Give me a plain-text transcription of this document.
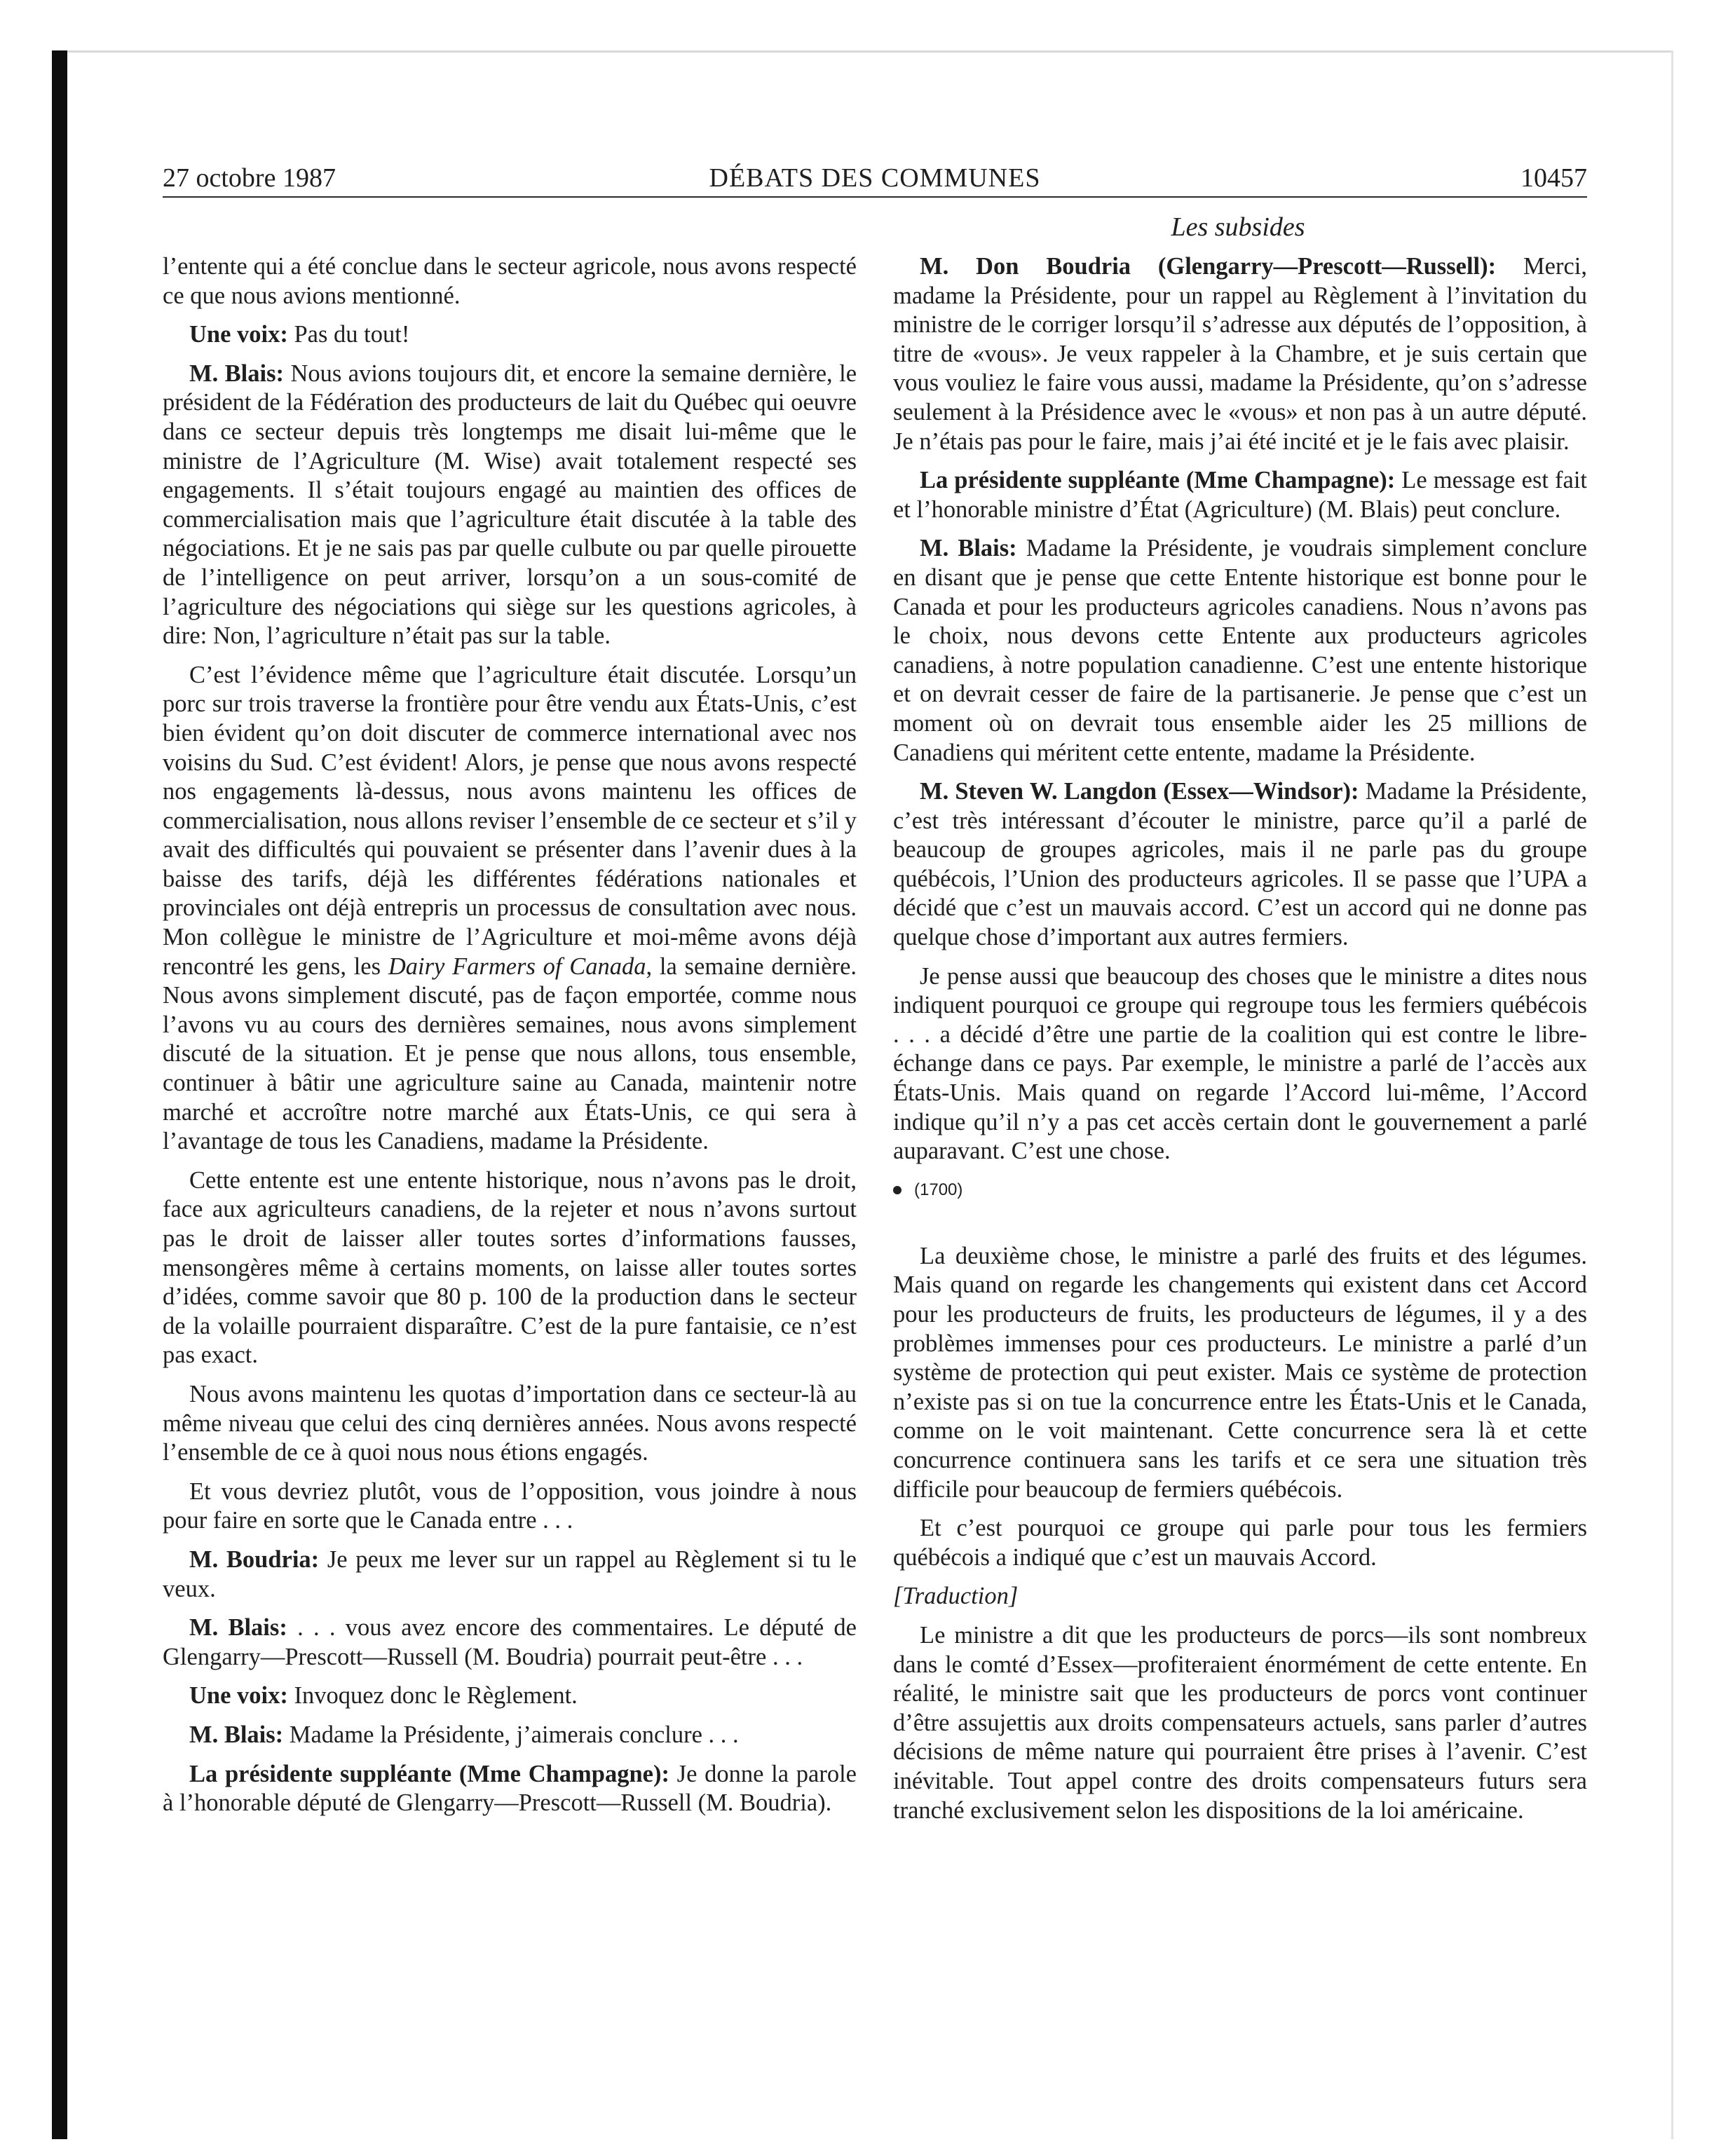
27 octobre 1987	DÉBATS DES COMMUNES	10457
Les subsides

l’entente qui a été conclue dans le secteur agricole, nous avons respecté ce que nous avions mentionné.

Une voix: Pas du tout!

M. Blais: Nous avions toujours dit, et encore la semaine dernière, le président de la Fédération des producteurs de lait du Québec qui oeuvre dans ce secteur depuis très longtemps me disait lui-même que le ministre de l’Agriculture (M. Wise) avait totalement respecté ses engagements. Il s’était toujours engagé au maintien des offices de commercialisation mais que l’agriculture était discutée à la table des négociations. Et je ne sais pas par quelle culbute ou par quelle pirouette de l’intelligence on peut arriver, lorsqu’on a un sous-comité de l’agriculture des négociations qui siège sur les questions agricoles, à dire: Non, l’agriculture n’était pas sur la table.

C’est l’évidence même que l’agriculture était discutée. Lorsqu’un porc sur trois traverse la frontière pour être vendu aux États-Unis, c’est bien évident qu’on doit discuter de commerce international avec nos voisins du Sud. C’est évident! Alors, je pense que nous avons respecté nos engagements là-dessus, nous avons maintenu les offices de commercialisation, nous allons reviser l’ensemble de ce secteur et s’il y avait des difficultés qui pouvaient se présenter dans l’avenir dues à la baisse des tarifs, déjà les différentes fédérations nationales et provinciales ont déjà entrepris un processus de consultation avec nous. Mon collègue le ministre de l’Agriculture et moi-même avons déjà rencontré les gens, les Dairy Farmers of Canada, la semaine dernière. Nous avons simplement discuté, pas de façon emportée, comme nous l’avons vu au cours des dernières semaines, nous avons simplement discuté de la situation. Et je pense que nous allons, tous ensemble, continuer à bâtir une agriculture saine au Canada, maintenir notre marché et accroître notre marché aux États-Unis, ce qui sera à l’avantage de tous les Canadiens, madame la Présidente.

Cette entente est une entente historique, nous n’avons pas le droit, face aux agriculteurs canadiens, de la rejeter et nous n’avons surtout pas le droit de laisser aller toutes sortes d’informations fausses, mensongères même à certains moments, on laisse aller toutes sortes d’idées, comme savoir que 80 p. 100 de la production dans le secteur de la volaille pourraient disparaître. C’est de la pure fantaisie, ce n’est pas exact.

Nous avons maintenu les quotas d’importation dans ce secteur-là au même niveau que celui des cinq dernières années. Nous avons respecté l’ensemble de ce à quoi nous nous étions engagés.

Et vous devriez plutôt, vous de l’opposition, vous joindre à nous pour faire en sorte que le Canada entre . . .

M. Boudria: Je peux me lever sur un rappel au Règlement si tu le veux.

M. Blais: . . . vous avez encore des commentaires. Le député de Glengarry—Prescott—Russell (M. Boudria) pourrait peut-être . . .

Une voix: Invoquez donc le Règlement.

M. Blais: Madame la Présidente, j’aimerais conclure . . .

La présidente suppléante (Mme Champagne): Je donne la parole à l’honorable député de Glengarry—Prescott—Russell (M. Boudria).

M. Don Boudria (Glengarry—Prescott—Russell): Merci, madame la Présidente, pour un rappel au Règlement à l’invitation du ministre de le corriger lorsqu’il s’adresse aux députés de l’opposition, à titre de «vous». Je veux rappeler à la Chambre, et je suis certain que vous vouliez le faire vous aussi, madame la Présidente, qu’on s’adresse seulement à la Présidence avec le «vous» et non pas à un autre député. Je n’étais pas pour le faire, mais j’ai été incité et je le fais avec plaisir.

La présidente suppléante (Mme Champagne): Le message est fait et l’honorable ministre d’État (Agriculture) (M. Blais) peut conclure.

M. Blais: Madame la Présidente, je voudrais simplement conclure en disant que je pense que cette Entente historique est bonne pour le Canada et pour les producteurs agricoles canadiens. Nous n’avons pas le choix, nous devons cette Entente aux producteurs agricoles canadiens, à notre population canadienne. C’est une entente historique et on devrait cesser de faire de la partisanerie. Je pense que c’est un moment où on devrait tous ensemble aider les 25 millions de Canadiens qui méritent cette entente, madame la Présidente.

M. Steven W. Langdon (Essex—Windsor): Madame la Présidente, c’est très intéressant d’écouter le ministre, parce qu’il a parlé de beaucoup de groupes agricoles, mais il ne parle pas du groupe québécois, l’Union des producteurs agricoles. Il se passe que l’UPA a décidé que c’est un mauvais accord. C’est un accord qui ne donne pas quelque chose d’important aux autres fermiers.

Je pense aussi que beaucoup des choses que le ministre a dites nous indiquent pourquoi ce groupe qui regroupe tous les fermiers québécois . . . a décidé d’être une partie de la coalition qui est contre le libre-échange dans ce pays. Par exemple, le ministre a parlé de l’accès aux États-Unis. Mais quand on regarde l’Accord lui-même, l’Accord indique qu’il n’y a pas cet accès certain dont le gouvernement a parlé auparavant. C’est une chose.

(1700)

La deuxième chose, le ministre a parlé des fruits et des légumes. Mais quand on regarde les changements qui existent dans cet Accord pour les producteurs de fruits, les producteurs de légumes, il y a des problèmes immenses pour ces producteurs. Le ministre a parlé d’un système de protection qui peut exister. Mais ce système de protection n’existe pas si on tue la concurrence entre les États-Unis et le Canada, comme on le voit maintenant. Cette concurrence sera là et cette concurrence continuera sans les tarifs et ce sera une situation très difficile pour beaucoup de fermiers québécois.

Et c’est pourquoi ce groupe qui parle pour tous les fermiers québécois a indiqué que c’est un mauvais Accord.

[Traduction]

Le ministre a dit que les producteurs de porcs—ils sont nombreux dans le comté d’Essex—profiteraient énormément de cette entente. En réalité, le ministre sait que les producteurs de porcs vont continuer d’être assujettis aux droits compensateurs actuels, sans parler d’autres décisions de même nature qui pourraient être prises à l’avenir. C’est inévitable. Tout appel contre des droits compensateurs futurs sera tranché exclusivement selon les dispositions de la loi américaine.
